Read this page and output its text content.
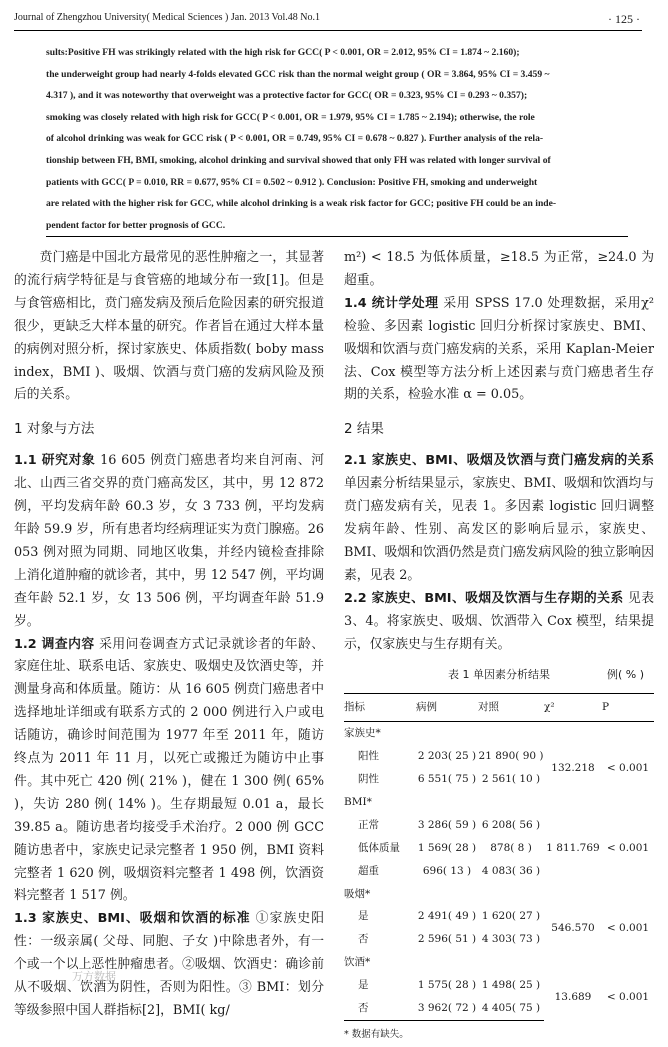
Journal of Zhengzhou University( Medical Sciences ) Jan. 2013 Vol.48 No.1	· 125 ·
sults:Positive FH was strikingly related with the high risk for GCC( P < 0.001, OR = 2.012, 95% CI = 1.874 ~ 2.160);
the underweight group had nearly 4-folds elevated GCC risk than the normal weight group ( OR = 3.864, 95% CI = 3.459 ~
4.317 ), and it was noteworthy that overweight was a protective factor for GCC( OR = 0.323, 95% CI = 0.293 ~ 0.357);
smoking was closely related with high risk for GCC( P < 0.001, OR = 1.979, 95% CI = 1.785 ~ 2.194); otherwise, the role
of alcohol drinking was weak for GCC risk ( P < 0.001, OR = 0.749, 95% CI = 0.678 ~ 0.827 ). Further analysis of the rela-
tionship between FH, BMI, smoking, alcohol drinking and survival showed that only FH was related with longer survival of
patients with GCC( P = 0.010, RR = 0.677, 95% CI = 0.502 ~ 0.912 ). Conclusion: Positive FH, smoking and underweight
are related with the higher risk for GCC, while alcohol drinking is a weak risk factor for GCC; positive FH could be an inde-
pendent factor for better prognosis of GCC.

贲门癌是中国北方最常见的恶性肿瘤之一，其显著的流行病学特征是与食管癌的地域分布一致[1]。但是与食管癌相比，贲门癌发病及预后危险因素的研究报道很少，更缺乏大样本量的研究。作者旨在通过大样本量的病例对照分析，探讨家族史、体质指数( boby mass index，BMI )、吸烟、饮酒与贲门癌的发病风险及预后的关系。

1 对象与方法

1.1 研究对象 16 605 例贲门癌患者均来自河南、河北、山西三省交界的贲门癌高发区，其中，男 12 872 例，平均发病年龄 60.3 岁，女 3 733 例，平均发病年龄 59.9 岁，所有患者均经病理证实为贲门腺癌。26 053 例对照为同期、同地区收集，并经内镜检查排除上消化道肿瘤的就诊者，其中，男 12 547 例，平均调查年龄 52.1 岁，女 13 506 例，平均调查年龄 51.9 岁。

1.2 调查内容 采用问卷调查方式记录就诊者的年龄、家庭住址、联系电话、家族史、吸烟史及饮酒史等，并测量身高和体质量。随访：从 16 605 例贲门癌患者中选择地址详细或有联系方式的 2 000 例进行入户或电话随访，确诊时间范围为 1977 年至 2011 年，随访终点为 2011 年 11 月，以死亡或搬迁为随访中止事件。其中死亡 420 例( 21% )，健在 1 300 例( 65% )，失访 280 例( 14% )。生存期最短 0.01 a，最长 39.85 a。随访患者均接受手术治疗。2 000 例 GCC 随访患者中，家族史记录完整者 1 950 例，BMI 资料完整者 1 620 例，吸烟资料完整者 1 498 例，饮酒资料完整者 1 517 例。

1.3 家族史、BMI、吸烟和饮酒的标准 ①家族史阳性：一级亲属( 父母、同胞、子女 )中除患者外，有一个或一个以上恶性肿瘤患者。②吸烟、饮酒史：确诊前从不吸烟、饮酒为阴性，否则为阳性。③ BMI：划分等级参照中国人群指标[2]，BMI( kg/

m²) < 18.5 为低体质量，≥18.5 为正常，≥24.0 为超重。

1.4 统计学处理 采用 SPSS 17.0 处理数据，采用χ² 检验、多因素 logistic 回归分析探讨家族史、BMI、吸烟和饮酒与贲门癌发病的关系，采用 Kaplan-Meier 法、Cox 模型等方法分析上述因素与贲门癌患者生存期的关系，检验水准 α = 0.05。

2 结果

2.1 家族史、BMI、吸烟及饮酒与贲门癌发病的关系 单因素分析结果显示，家族史、BMI、吸烟和饮酒均与贲门癌发病有关，见表 1。多因素 logistic 回归调整发病年龄、性别、高发区的影响后显示，家族史、BMI、吸烟和饮酒仍然是贲门癌发病风险的独立影响因素，见表 2。

2.2 家族史、BMI、吸烟及饮酒与生存期的关系 见表 3、4。将家族史、吸烟、饮酒带入 Cox 模型，结果提示，仅家族史与生存期有关。

表 1 单因素分析结果	例( % )
指标	病例	对照	χ²	P
家族史*				
阳性	2 203( 25 )	21 890( 90 )	132.218	< 0.001
阴性	6 551( 75 )	2 561( 10 )		
BMI*				
正常	3 286( 59 )	6 208( 56 )	1 811.769	< 0.001
低体质量	1 569( 28 )	878( 8 )		
超重	696( 13 )	4 083( 36 )		
吸烟*				
是	2 491( 49 )	1 620( 27 )	546.570	< 0.001
否	2 596( 51 )	4 303( 73 )		
饮酒*				
是	1 575( 28 )	1 498( 25 )	13.689	< 0.001
否	3 962( 72 )	4 405( 75 )		
* 数据有缺失。
万方数据
